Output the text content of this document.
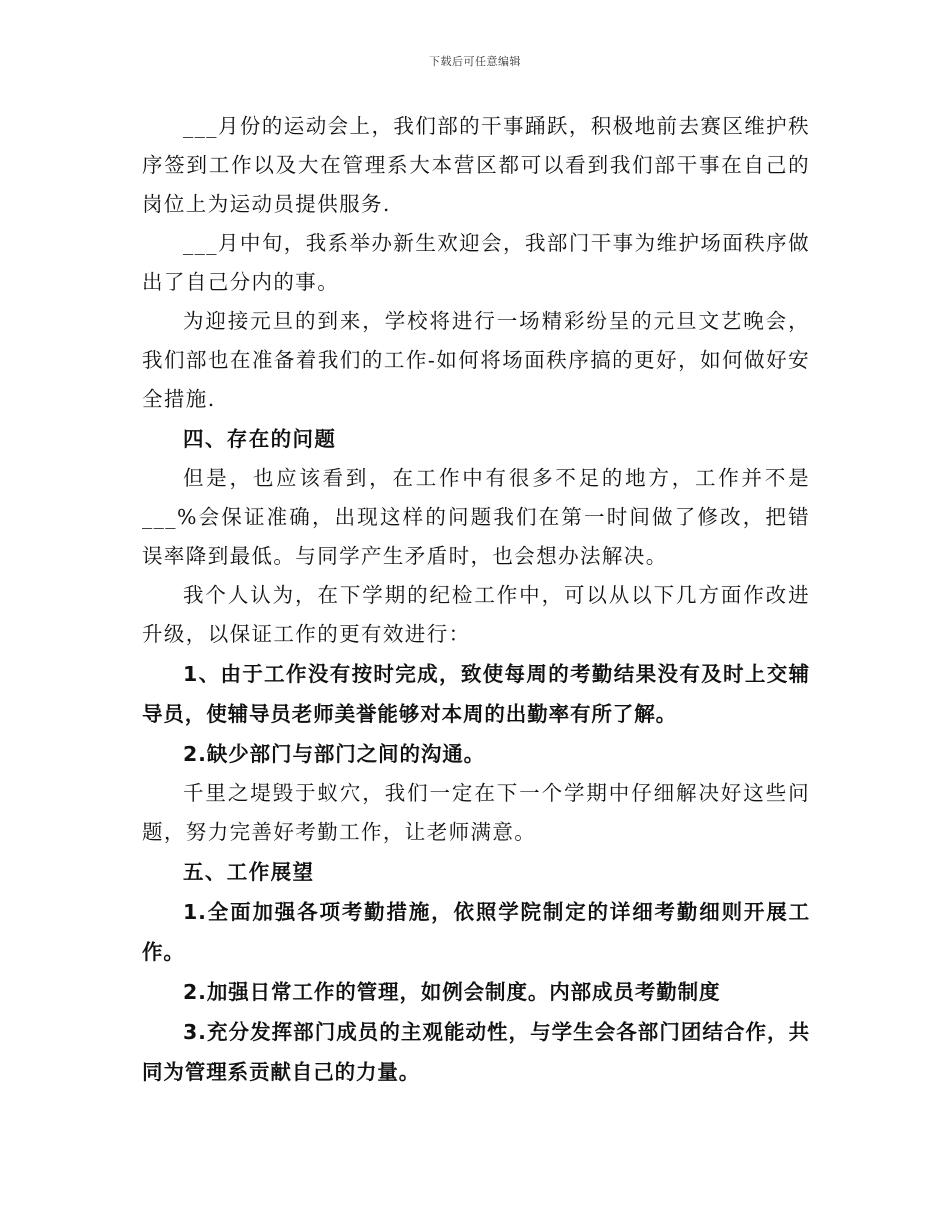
下载后可任意编辑

___月份的运动会上，我们部的干事踊跃，积极地前去赛区维护秩序签到工作以及大在管理系大本营区都可以看到我们部干事在自己的岗位上为运动员提供服务.

___月中旬，我系举办新生欢迎会，我部门干事为维护场面秩序做出了自己分内的事。

为迎接元旦的到来，学校将进行一场精彩纷呈的元旦文艺晚会，我们部也在准备着我们的工作-如何将场面秩序搞的更好，如何做好安全措施.

四、存在的问题

但是，也应该看到，在工作中有很多不足的地方，工作并不是___%会保证准确，出现这样的问题我们在第一时间做了修改，把错误率降到最低。与同学产生矛盾时，也会想办法解决。

我个人认为，在下学期的纪检工作中，可以从以下几方面作改进升级，以保证工作的更有效进行：

1、由于工作没有按时完成，致使每周的考勤结果没有及时上交辅导员，使辅导员老师美誉能够对本周的出勤率有所了解。

2.缺少部门与部门之间的沟通。

千里之堤毁于蚁穴，我们一定在下一个学期中仔细解决好这些问题，努力完善好考勤工作，让老师满意。

五、工作展望

1.全面加强各项考勤措施，依照学院制定的详细考勤细则开展工作。

2.加强日常工作的管理，如例会制度。内部成员考勤制度

3.充分发挥部门成员的主观能动性，与学生会各部门团结合作，共同为管理系贡献自己的力量。
